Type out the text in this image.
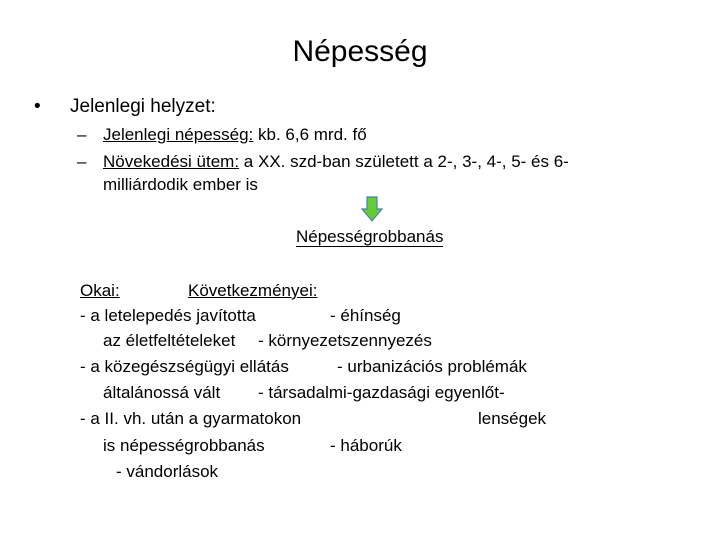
Népesség
• Jelenlegi helyzet:
– Jelenlegi népesség: kb. 6,6 mrd. fő
– Növekedési ütem: a XX. szd-ban született a 2-, 3-, 4-, 5- és 6-
milliárdodik ember is
Népességrobbanás
Okai:	Következményei:
- a letelepedés javította	- éhínség
az életfeltételeket - környezetszennyezés
- a közegészségügyi ellátás	- urbanizációs problémák
általánossá vált - társadalmi-gazdasági egyenlőt-
- a II. vh. után a gyarmatokon	lenségek
is népességrobbanás	- háborúk
- vándorlások
